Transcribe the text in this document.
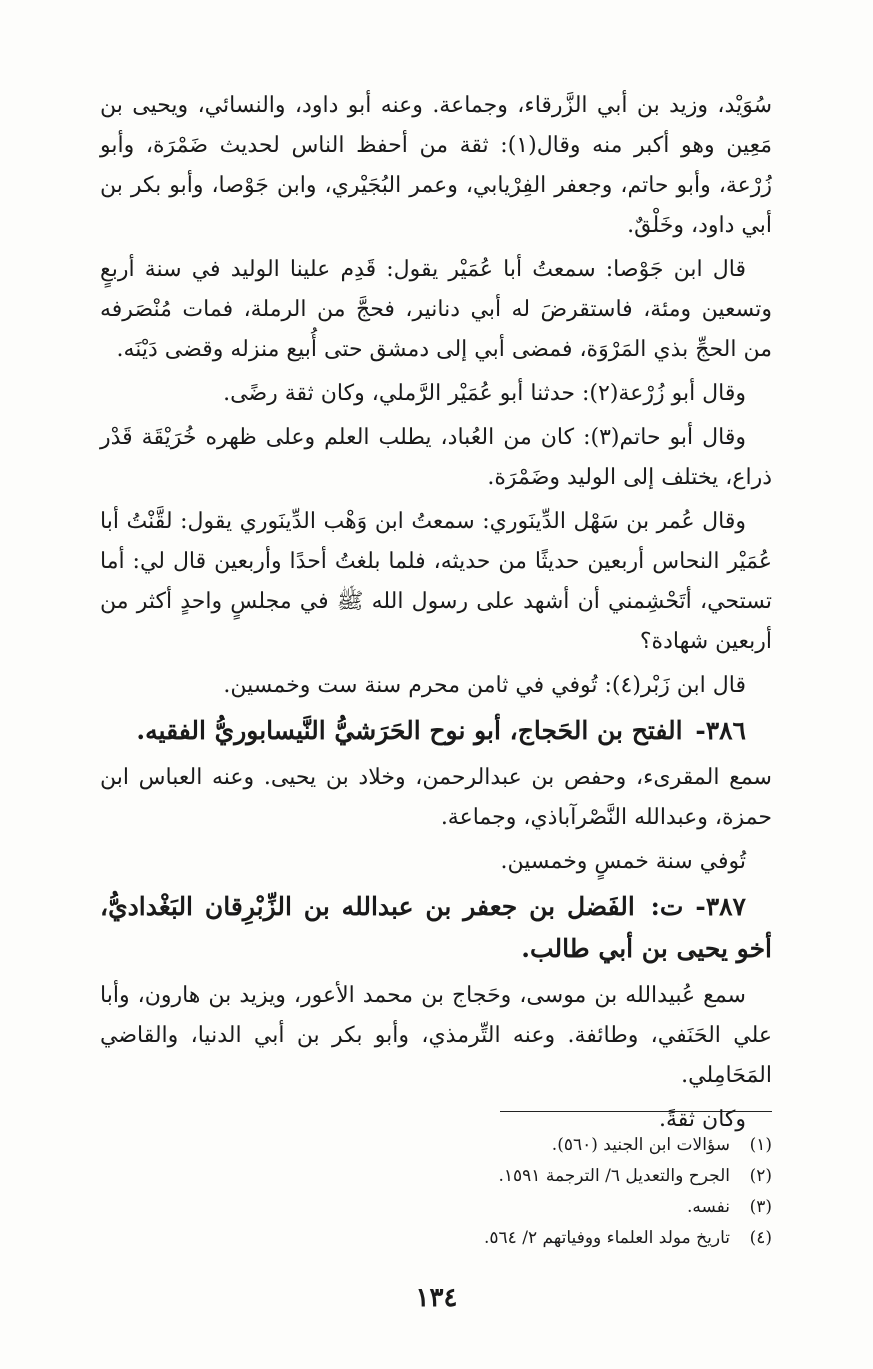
سُوَيْد، وزيد بن أبي الزَّرقاء، وجماعة. وعنه أبو داود، والنسائي، ويحيى بن مَعِين وهو أكبر منه وقال(١): ثقة من أحفظ الناس لحديث ضَمْرَة، وأبو زُرْعة، وأبو حاتم، وجعفر الفِرْيابي، وعمر البُجَيْري، وابن جَوْصا، وأبو بكر بن أبي داود، وخَلْقٌ.

قال ابن جَوْصا: سمعتُ أبا عُمَيْر يقول: قَدِم علينا الوليد في سنة أربعٍ وتسعين ومئة، فاستقرضَ له أبي دنانير، فحجَّ من الرملة، فمات مُنْصَرفه من الحجِّ بذي المَرْوَة، فمضى أبي إلى دمشق حتى أُبيع منزله وقضى دَيْنَه.

وقال أبو زُرْعة(٢): حدثنا أبو عُمَيْر الرَّملي، وكان ثقة رضًى.

وقال أبو حاتم(٣): كان من العُباد، يطلب العلم وعلى ظهره خُرَيْقَة قَدْر ذراع، يختلف إلى الوليد وضَمْرَة.

وقال عُمر بن سَهْل الدِّينَوري: سمعتُ ابن وَهْب الدِّينَوري يقول: لقَّنْتُ أبا عُمَيْر النحاس أربعين حديثًا من حديثه، فلما بلغتُ أحدًا وأربعين قال لي: أما تستحي، أتَحْشِمني أن أشهد على رسول الله ﷺ في مجلسٍ واحدٍ أكثر من أربعين شهادة؟

قال ابن زَبْر(٤): تُوفي في ثامن محرم سنة ست وخمسين.

٣٨٦- الفتح بن الحَجاج، أبو نوح الحَرَشيُّ النَّيسابوريُّ الفقيه.

سمع المقرىء، وحفص بن عبدالرحمن، وخلاد بن يحيى. وعنه العباس ابن حمزة، وعبدالله النَّصْرآباذي، وجماعة.

تُوفي سنة خمسٍ وخمسين.

٣٨٧- ت: الفَضل بن جعفر بن عبدالله بن الزِّبْرِقان البَغْداديُّ، أخو يحيى بن أبي طالب.

سمع عُبيدالله بن موسى، وحَجاج بن محمد الأعور، ويزيد بن هارون، وأبا علي الحَنَفي، وطائفة. وعنه التِّرمذي، وأبو بكر بن أبي الدنيا، والقاضي المَحَامِلي.

وكان ثقةً.

(١)
سؤالات ابن الجنيد (٥٦٠).
(٢)
الجرح والتعديل ٦/ الترجمة ١٥٩١.
(٣)
نفسه.
(٤)
تاريخ مولد العلماء ووفياتهم ٢/ ٥٦٤.
١٣٤
